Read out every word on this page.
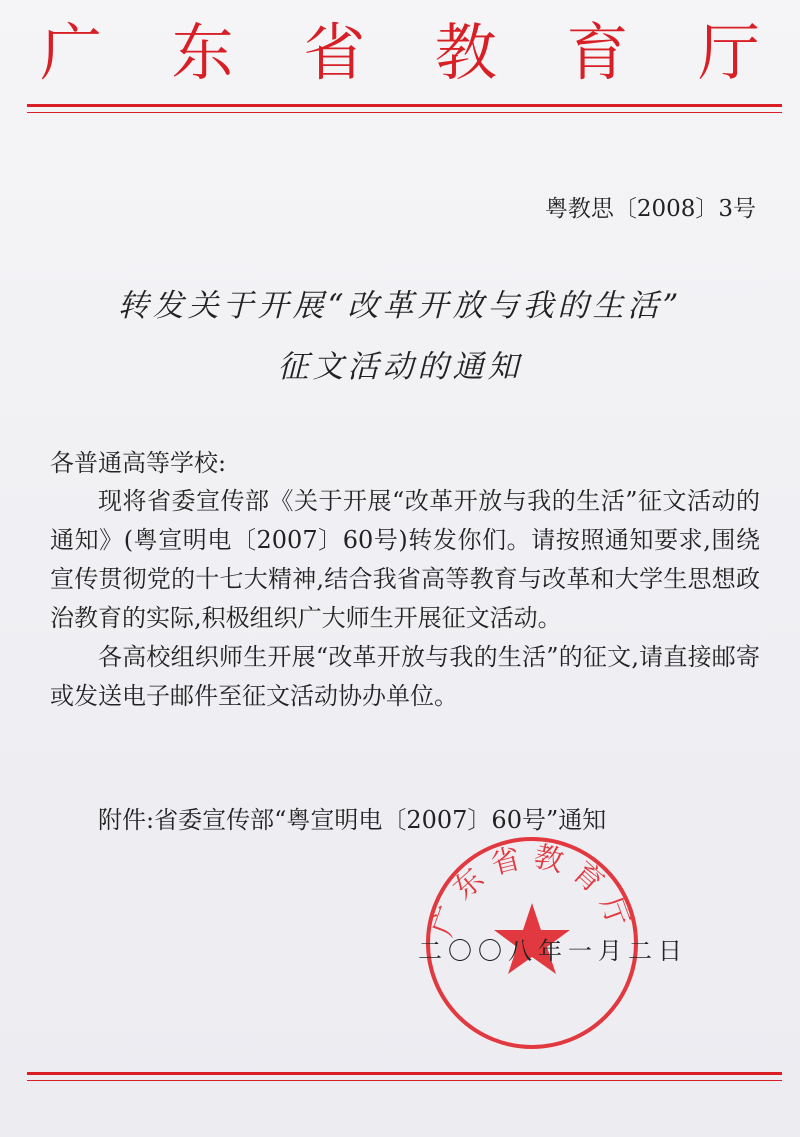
广 东 省 教 育 厅
粤教思〔2008〕3号
转发关于开展“改革开放与我的生活”
征文活动的通知
各普通高等学校:

现将省委宣传部《关于开展“改革开放与我的生活”征文活动的通知》(粤宣明电〔2007〕60号)转发你们。请按照通知要求,围绕宣传贯彻党的十七大精神,结合我省高等教育与改革和大学生思想政治教育的实际,积极组织广大师生开展征文活动。

各高校组织师生开展“改革开放与我的生活”的征文,请直接邮寄或发送电子邮件至征文活动协办单位。

附件:省委宣传部“粤宣明电〔2007〕60号”通知
广东省教育厅
二〇〇八年一月二日
